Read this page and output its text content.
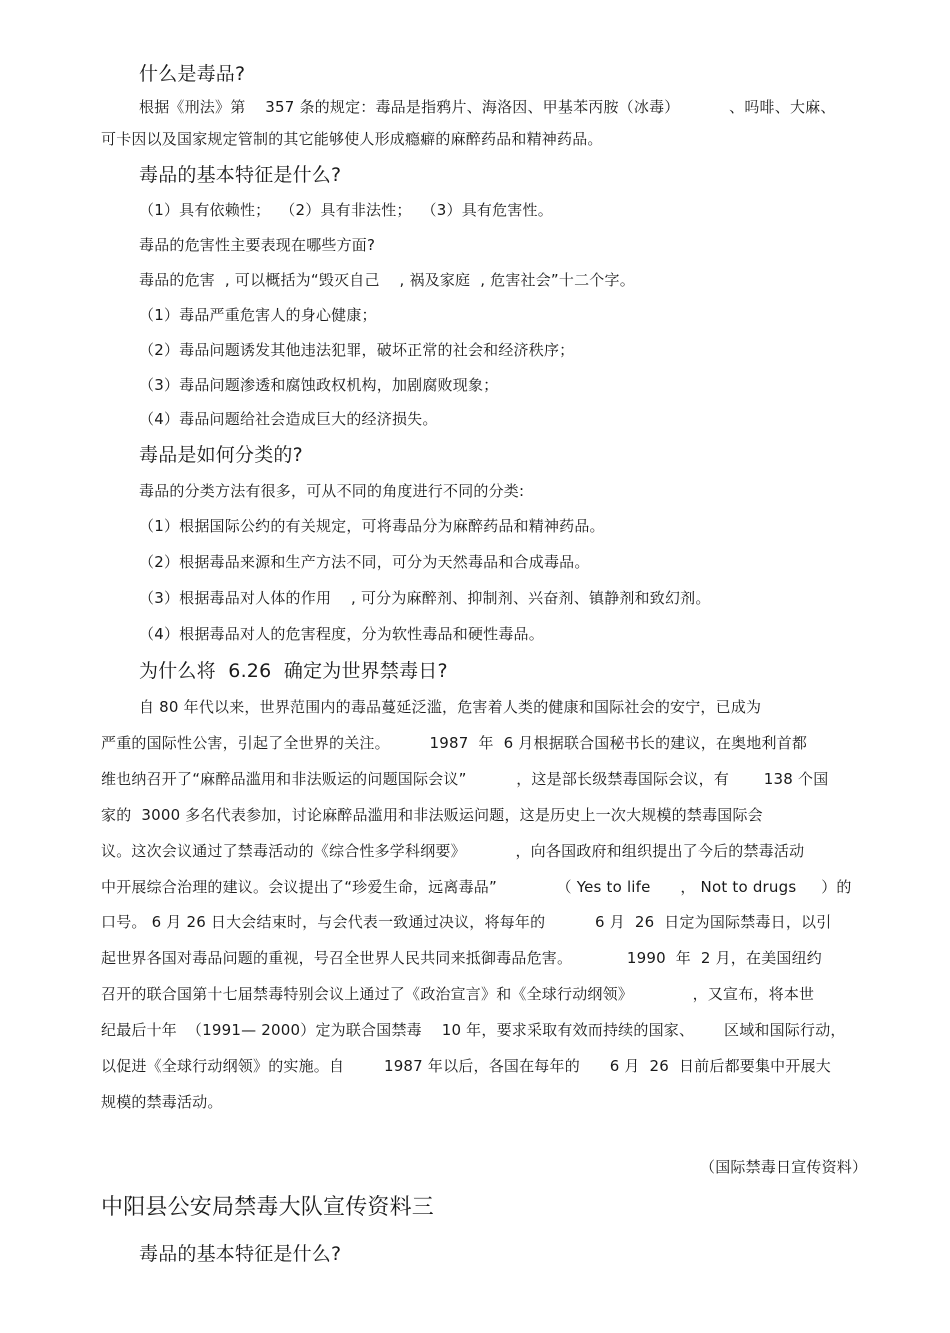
什么是毒品?
根据《刑法》第    357 条的规定：毒品是指鸦片、海洛因、甲基苯丙胺（冰毒）          、吗啡、大麻、
可卡因以及国家规定管制的其它能够使人形成瘾癖的麻醉药品和精神药品。
毒品的基本特征是什么?
（1）具有依赖性；  （2）具有非法性；  （3）具有危害性。
毒品的危害性主要表现在哪些方面?
毒品的危害  , 可以概括为“毁灭自己    , 祸及家庭  , 危害社会”十二个字。
（1）毒品严重危害人的身心健康；
（2）毒品问题诱发其他违法犯罪，破坏正常的社会和经济秩序；
（3）毒品问题渗透和腐蚀政权机构，加剧腐败现象；
（4）毒品问题给社会造成巨大的经济损失。
毒品是如何分类的?
毒品的分类方法有很多，可从不同的角度进行不同的分类:
（1）根据国际公约的有关规定，可将毒品分为麻醉药品和精神药品。
（2）根据毒品来源和生产方法不同，可分为天然毒品和合成毒品。
（3）根据毒品对人体的作用    , 可分为麻醉剂、抑制剂、兴奋剂、镇静剂和致幻剂。
（4）根据毒品对人的危害程度，分为软性毒品和硬性毒品。
为什么将  6.26  确定为世界禁毒日?
自 80 年代以来，世界范围内的毒品蔓延泛滥，危害着人类的健康和国际社会的安宁，已成为
严重的国际性公害，引起了全世界的关注。        1987  年  6 月根据联合国秘书长的建议，在奥地利首都
维也纳召开了“麻醉品滥用和非法贩运的问题国际会议”          ，这是部长级禁毒国际会议，有       138 个国
家的  3000 多名代表参加，讨论麻醉品滥用和非法贩运问题，这是历史上一次大规模的禁毒国际会
议。这次会议通过了禁毒活动的《综合性多学科纲要》          ，向各国政府和组织提出了今后的禁毒活动
中开展综合治理的建议。会议提出了“珍爱生命，远离毒品”            （ Yes to life      ， Not to drugs     ）的
口号。 6 月 26 日大会结束时，与会代表一致通过决议，将每年的          6 月  26  日定为国际禁毒日，以引
起世界各国对毒品问题的重视，号召全世界人民共同来抵御毒品危害。           1990  年  2 月，在美国纽约
召开的联合国第十七届禁毒特别会议上通过了《政治宣言》和《全球行动纲领》            ，又宣布，将本世
纪最后十年  （1991— 2000）定为联合国禁毒    10 年，要求采取有效而持续的国家、      区域和国际行动，
以促进《全球行动纲领》的实施。自        1987 年以后，各国在每年的      6 月  26  日前后都要集中开展大
规模的禁毒活动。
（国际禁毒日宣传资料）
中阳县公安局禁毒大队宣传资料三
毒品的基本特征是什么?
